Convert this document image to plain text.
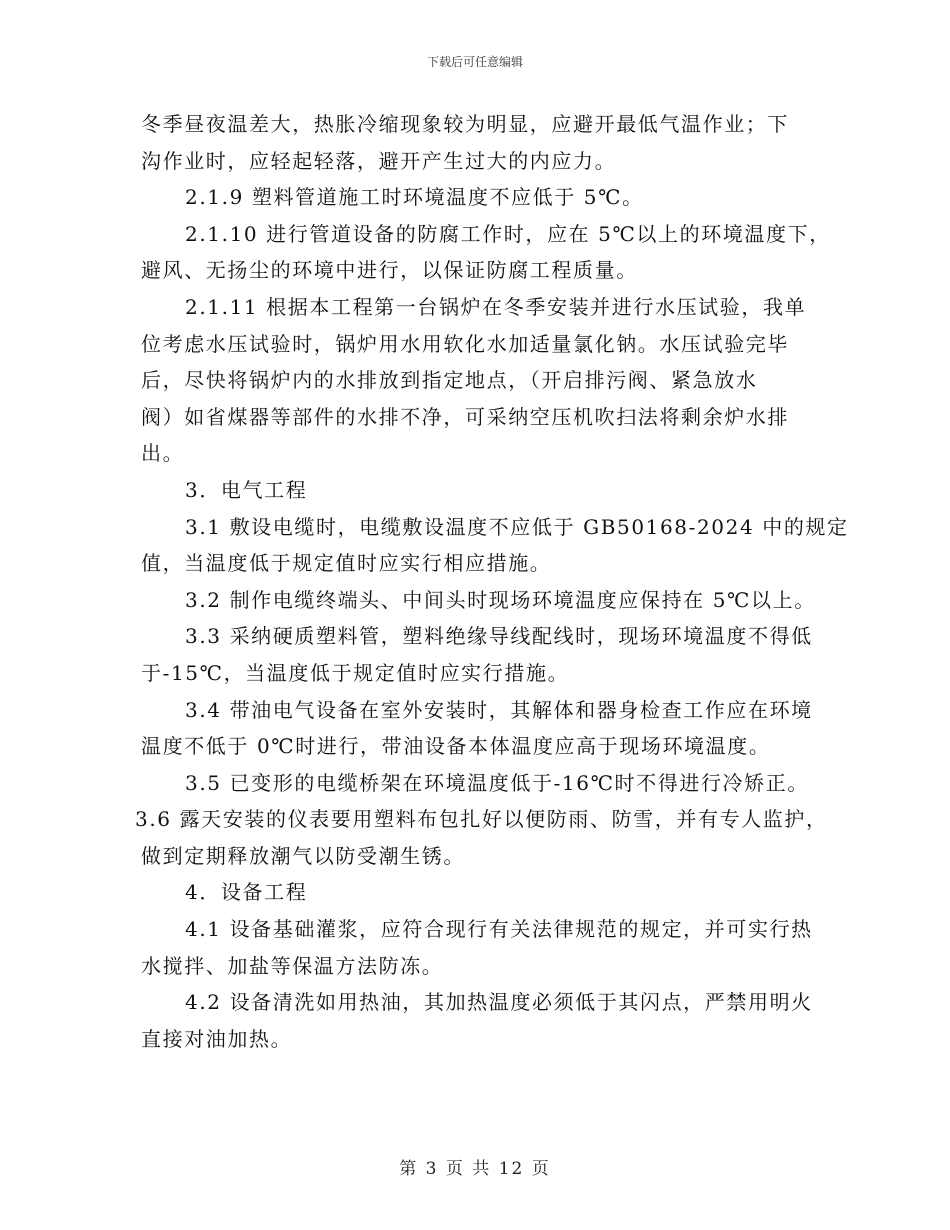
下载后可任意编辑
冬季昼夜温差大，热胀冷缩现象较为明显，应避开最低气温作业；下
沟作业时，应轻起轻落，避开产生过大的内应力。
2.1.9 塑料管道施工时环境温度不应低于 5℃。
2.1.10 进行管道设备的防腐工作时，应在 5℃以上的环境温度下，
避风、无扬尘的环境中进行，以保证防腐工程质量。
2.1.11 根据本工程第一台锅炉在冬季安装并进行水压试验，我单
位考虑水压试验时，锅炉用水用软化水加适量氯化钠。水压试验完毕
后，尽快将锅炉内的水排放到指定地点，（开启排污阀、紧急放水
阀）如省煤器等部件的水排不净，可采纳空压机吹扫法将剩余炉水排
出。
3．电气工程
3.1 敷设电缆时，电缆敷设温度不应低于 GB50168-2024 中的规定
值，当温度低于规定值时应实行相应措施。
3.2 制作电缆终端头、中间头时现场环境温度应保持在 5℃以上。
3.3 采纳硬质塑料管，塑料绝缘导线配线时，现场环境温度不得低
于-15℃，当温度低于规定值时应实行措施。
3.4 带油电气设备在室外安装时，其解体和器身检查工作应在环境
温度不低于 0℃时进行，带油设备本体温度应高于现场环境温度。
3.5 已变形的电缆桥架在环境温度低于-16℃时不得进行冷矫正。
3.6 露天安装的仪表要用塑料布包扎好以便防雨、防雪，并有专人监护，
做到定期释放潮气以防受潮生锈。
4．设备工程
4.1 设备基础灌浆，应符合现行有关法律规范的规定，并可实行热
水搅拌、加盐等保温方法防冻。
4.2 设备清洗如用热油，其加热温度必须低于其闪点，严禁用明火
直接对油加热。
第 3 页 共 12 页
